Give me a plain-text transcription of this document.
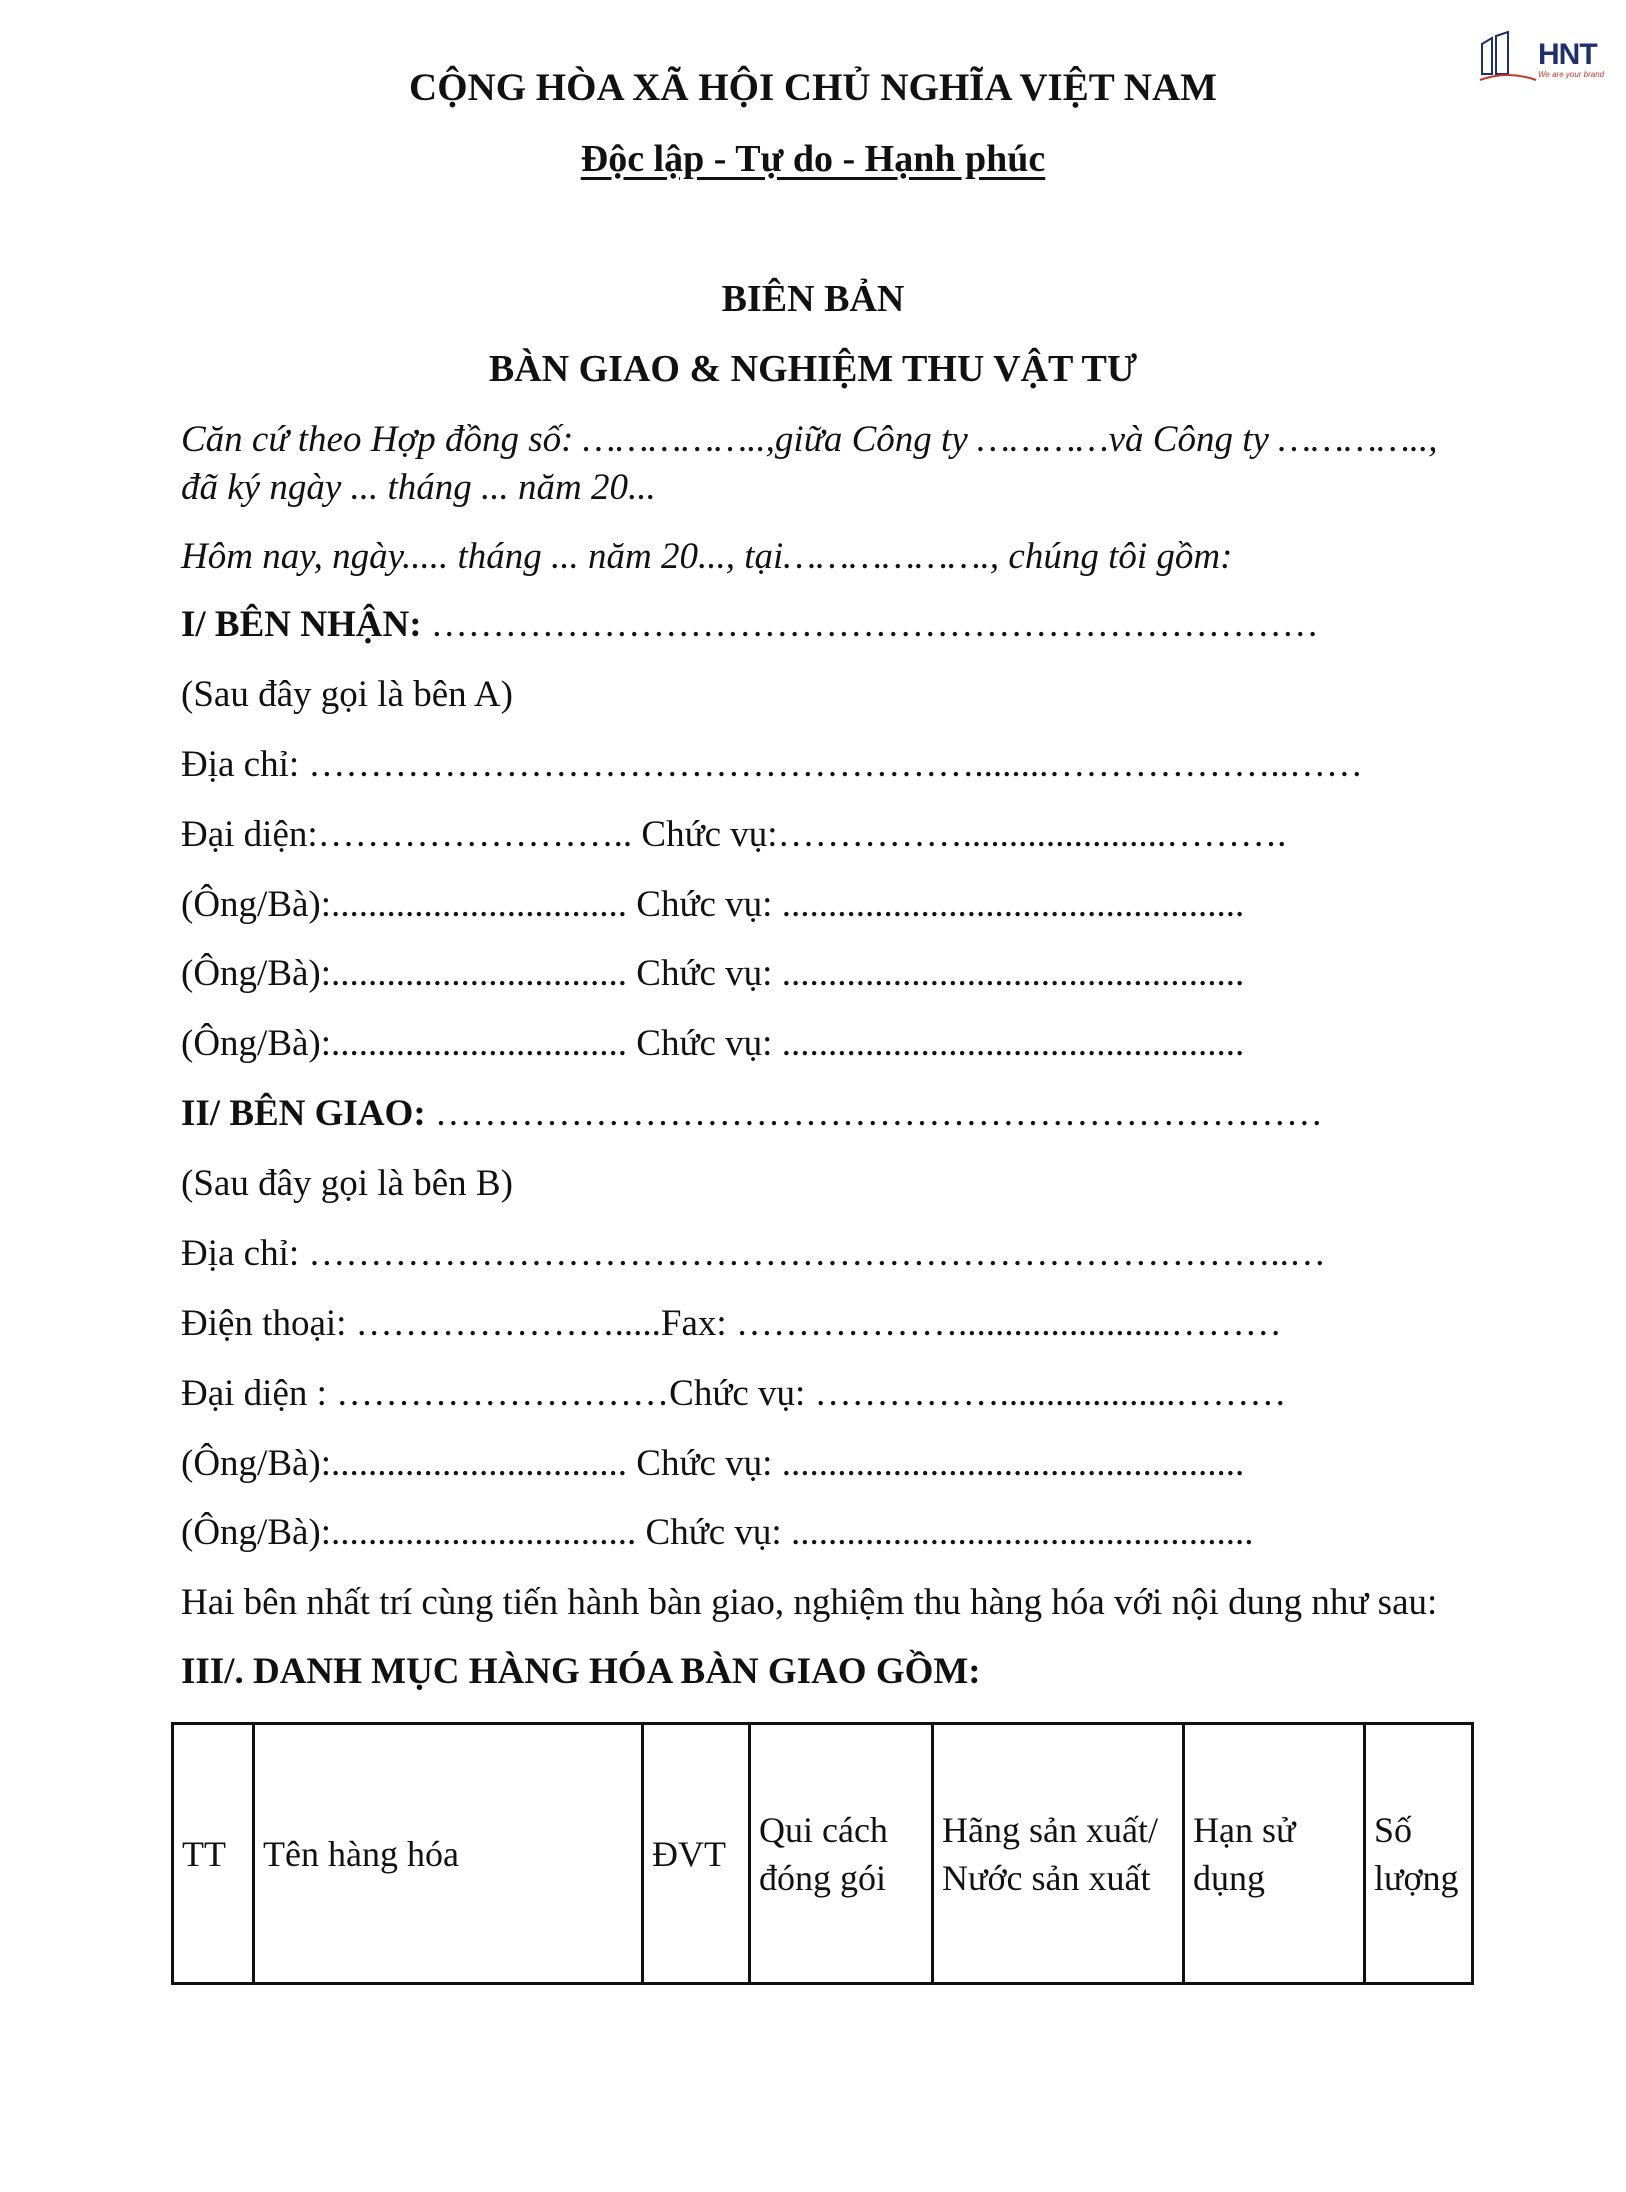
HNT
We are your brand
CỘNG HÒA XÃ HỘI CHỦ NGHĨA VIỆT NAM
Độc lập - Tự do - Hạnh phúc
BIÊN BẢN
BÀN GIAO & NGHIỆM THU VẬT TƯ
Căn cứ theo Hợp đồng số: ……………..,giữa Công ty …………và Công ty …………..,
đã ký ngày ... tháng ... năm 20...
Hôm nay, ngày..... tháng ... năm 20..., tại………………., chúng tôi gồm:
I/ BÊN NHẬN: ………………………………………………………………
(Sau đây gọi là bên A)
Địa chỉ: ………………………………………………........………………..……
Đại diện:…………………….. Chức vụ:……………......................……….
(Ông/Bà):................................ Chức vụ: ..................................................
(Ông/Bà):................................ Chức vụ: ..................................................
(Ông/Bà):................................ Chức vụ: ..................................................
II/ BÊN GIAO: ………………………………………………………………
(Sau đây gọi là bên B)
Địa chỉ: ……………………………………………………………………..…
Điện thoại: ………………….....Fax: ……………….......................………
Đại diện : ………………………Chức vụ: ……………...................………
(Ông/Bà):................................ Chức vụ: ..................................................
(Ông/Bà):................................. Chức vụ: ..................................................
Hai bên nhất trí cùng tiến hành bàn giao, nghiệm thu hàng hóa với nội dung như sau:
III/. DANH MỤC HÀNG HÓA BÀN GIAO GỒM:
TT	Tên hàng hóa	ĐVT	Qui cách đóng gói	Hãng sản xuất/ Nước sản xuất	Hạn sử dụng	Số lượng
